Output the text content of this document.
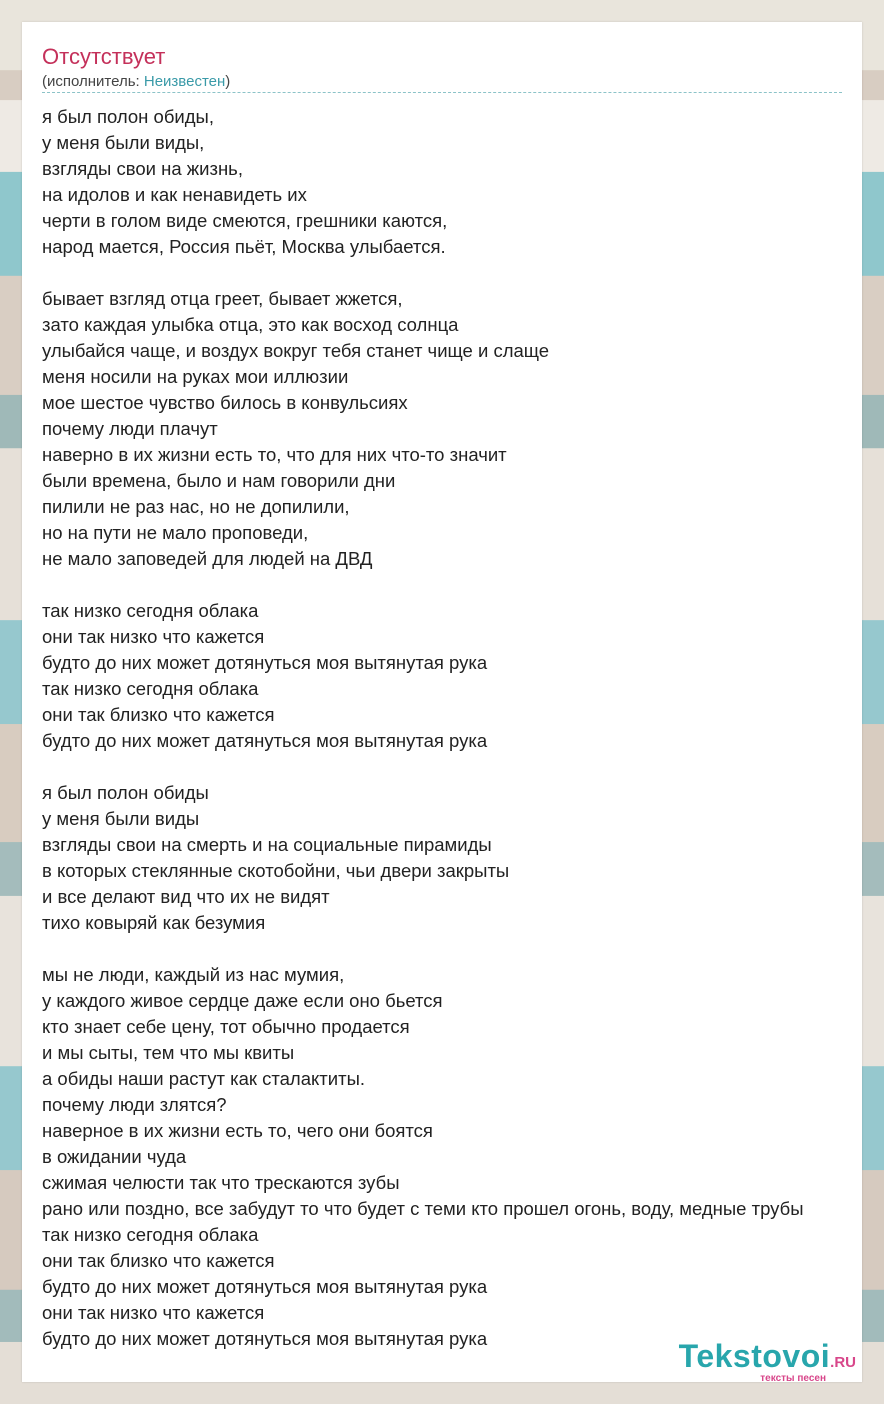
Отсутствует
(исполнитель: Неизвестен)
я был полон обиды,
у меня были виды,
взгляды свои на жизнь,
на идолов и как ненавидеть их
черти в голом виде смеются, грешники каются,
народ мается, Россия пьёт, Москва улыбается.

бывает взгляд отца греет, бывает жжется,
зато каждая улыбка отца, это как восход солнца
улыбайся чаще, и воздух вокруг тебя станет чище и слаще
меня носили на руках мои иллюзии
мое шестое чувство билось в конвульсиях
почему люди плачут
наверно в их жизни есть то, что для них что-то значит
были времена, было и нам говорили дни
пилили не раз нас, но не допилили,
но на пути не мало проповеди,
не мало заповедей для людей на ДВД

так низко сегодня облака
они так низко что кажется
будто до них может дотянуться моя вытянутая рука
так низко сегодня облака
они так близко что кажется
будто до них может датянуться моя вытянутая рука

я был полон обиды
у меня были виды
взгляды свои на смерть и на социальные пирамиды
в которых стеклянные скотобойни, чьи двери закрыты
и все делают вид что их не видят
тихо ковыряй как безумия

мы не люди, каждый из нас мумия,
у каждого живое сердце даже если оно бьется
кто знает себе цену, тот обычно продается
и мы сыты, тем что мы квиты
а обиды наши растут как сталактиты.
почему люди злятся?
наверное в их жизни есть то, чего они боятся
в ожидании чуда
сжимая челюсти так что трескаются зубы
рано или поздно, все забудут то что будет с теми кто прошел огонь, воду, медные трубы
так низко сегодня облака
они так близко что кажется
будто до них может дотянуться моя вытянутая рука
они так низко что кажется
будто до них может дотянуться моя вытянутая рука	Tekstovoi.RU
тексты песен
